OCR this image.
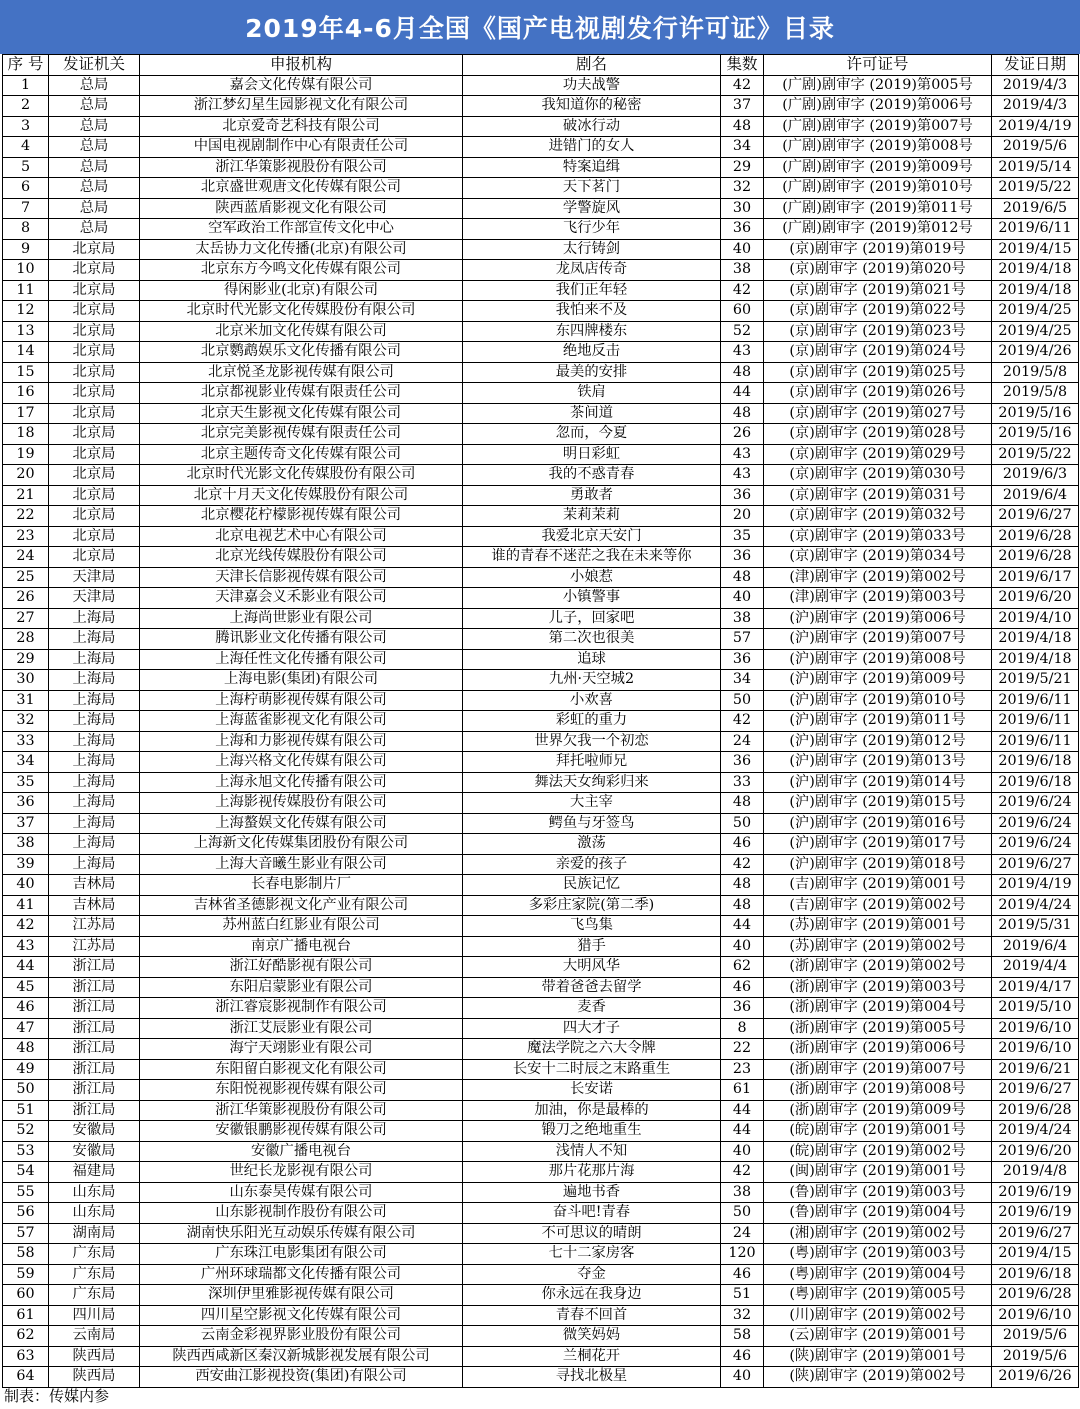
2019年4-6月全国《国产电视剧发行许可证》目录
序 号	发证机关	申报机构	剧名	集数	许可证号	发证日期
1	总局	嘉会文化传媒有限公司	功夫战警	42	(广剧)剧审字 (2019)第005号	2019/4/3
2	总局	浙江梦幻星生园影视文化有限公司	我知道你的秘密	37	(广剧)剧审字 (2019)第006号	2019/4/3
3	总局	北京爱奇艺科技有限公司	破冰行动	48	(广剧)剧审字 (2019)第007号	2019/4/19
4	总局	中国电视剧制作中心有限责任公司	进错门的女人	34	(广剧)剧审字 (2019)第008号	2019/5/6
5	总局	浙江华策影视股份有限公司	特案追缉	29	(广剧)剧审字 (2019)第009号	2019/5/14
6	总局	北京盛世观唐文化传媒有限公司	天下茗门	32	(广剧)剧审字 (2019)第010号	2019/5/22
7	总局	陕西蓝盾影视文化有限公司	学警旋风	30	(广剧)剧审字 (2019)第011号	2019/6/5
8	总局	空军政治工作部宣传文化中心	飞行少年	36	(广剧)剧审字 (2019)第012号	2019/6/11
9	北京局	太岳协力文化传播(北京)有限公司	太行铸剑	40	(京)剧审字 (2019)第019号	2019/4/15
10	北京局	北京东方今鸣文化传媒有限公司	龙凤店传奇	38	(京)剧审字 (2019)第020号	2019/4/18
11	北京局	得闲影业(北京)有限公司	我们正年轻	42	(京)剧审字 (2019)第021号	2019/4/18
12	北京局	北京时代光影文化传媒股份有限公司	我怕来不及	60	(京)剧审字 (2019)第022号	2019/4/25
13	北京局	北京米加文化传媒有限公司	东四牌楼东	52	(京)剧审字 (2019)第023号	2019/4/25
14	北京局	北京鹦鹉娱乐文化传播有限公司	绝地反击	43	(京)剧审字 (2019)第024号	2019/4/26
15	北京局	北京悦圣龙影视传媒有限公司	最美的安排	48	(京)剧审字 (2019)第025号	2019/5/8
16	北京局	北京都视影业传媒有限责任公司	铁肩	44	(京)剧审字 (2019)第026号	2019/5/8
17	北京局	北京天生影视文化传媒有限公司	茶间道	48	(京)剧审字 (2019)第027号	2019/5/16
18	北京局	北京完美影视传媒有限责任公司	忽而，今夏	26	(京)剧审字 (2019)第028号	2019/5/16
19	北京局	北京主题传奇文化传媒有限公司	明日彩虹	43	(京)剧审字 (2019)第029号	2019/5/22
20	北京局	北京时代光影文化传媒股份有限公司	我的不惑青春	43	(京)剧审字 (2019)第030号	2019/6/3
21	北京局	北京十月天文化传媒股份有限公司	勇敢者	36	(京)剧审字 (2019)第031号	2019/6/4
22	北京局	北京樱花柠檬影视传媒有限公司	茉莉茉莉	20	(京)剧审字 (2019)第032号	2019/6/27
23	北京局	北京电视艺术中心有限公司	我爱北京天安门	35	(京)剧审字 (2019)第033号	2019/6/28
24	北京局	北京光线传媒股份有限公司	谁的青春不迷茫之我在未来等你	36	(京)剧审字 (2019)第034号	2019/6/28
25	天津局	天津长信影视传媒有限公司	小娘惹	48	(津)剧审字 (2019)第002号	2019/6/17
26	天津局	天津嘉会义禾影业有限公司	小镇警事	40	(津)剧审字 (2019)第003号	2019/6/20
27	上海局	上海尚世影业有限公司	儿子，回家吧	38	(沪)剧审字 (2019)第006号	2019/4/10
28	上海局	腾讯影业文化传播有限公司	第二次也很美	57	(沪)剧审字 (2019)第007号	2019/4/18
29	上海局	上海任性文化传播有限公司	追球	36	(沪)剧审字 (2019)第008号	2019/4/18
30	上海局	上海电影(集团)有限公司	九州·天空城2	34	(沪)剧审字 (2019)第009号	2019/5/21
31	上海局	上海柠萌影视传媒有限公司	小欢喜	50	(沪)剧审字 (2019)第010号	2019/6/11
32	上海局	上海蓝雀影视文化有限公司	彩虹的重力	42	(沪)剧审字 (2019)第011号	2019/6/11
33	上海局	上海和力影视传媒有限公司	世界欠我一个初恋	24	(沪)剧审字 (2019)第012号	2019/6/11
34	上海局	上海兴格文化传媒有限公司	拜托啦师兄	36	(沪)剧审字 (2019)第013号	2019/6/18
35	上海局	上海永旭文化传播有限公司	舞法天女绚彩归来	33	(沪)剧审字 (2019)第014号	2019/6/18
36	上海局	上海影视传媒股份有限公司	大主宰	48	(沪)剧审字 (2019)第015号	2019/6/24
37	上海局	上海螯娱文化传媒有限公司	鳄鱼与牙签鸟	50	(沪)剧审字 (2019)第016号	2019/6/24
38	上海局	上海新文化传媒集团股份有限公司	激荡	46	(沪)剧审字 (2019)第017号	2019/6/24
39	上海局	上海大音曦生影业有限公司	亲爱的孩子	42	(沪)剧审字 (2019)第018号	2019/6/27
40	吉林局	长春电影制片厂	民族记忆	48	(吉)剧审字 (2019)第001号	2019/4/19
41	吉林局	吉林省圣德影视文化产业有限公司	多彩庄家院(第二季)	48	(吉)剧审字 (2019)第002号	2019/4/24
42	江苏局	苏州蓝白红影业有限公司	飞鸟集	44	(苏)剧审字 (2019)第001号	2019/5/31
43	江苏局	南京广播电视台	猎手	40	(苏)剧审字 (2019)第002号	2019/6/4
44	浙江局	浙江好酷影视有限公司	大明风华	62	(浙)剧审字 (2019)第002号	2019/4/4
45	浙江局	东阳启蒙影业有限公司	带着爸爸去留学	46	(浙)剧审字 (2019)第003号	2019/4/17
46	浙江局	浙江睿宸影视制作有限公司	麦香	36	(浙)剧审字 (2019)第004号	2019/5/10
47	浙江局	浙江艾辰影业有限公司	四大才子	8	(浙)剧审字 (2019)第005号	2019/6/10
48	浙江局	海宁天翊影业有限公司	魔法学院之六大令牌	22	(浙)剧审字 (2019)第006号	2019/6/10
49	浙江局	东阳留白影视文化有限公司	长安十二时辰之末路重生	23	(浙)剧审字 (2019)第007号	2019/6/21
50	浙江局	东阳悦视影视传媒有限公司	长安诺	61	(浙)剧审字 (2019)第008号	2019/6/27
51	浙江局	浙江华策影视股份有限公司	加油，你是最棒的	44	(浙)剧审字 (2019)第009号	2019/6/28
52	安徽局	安徽银鹏影视传媒有限公司	锻刀之绝地重生	44	(皖)剧审字 (2019)第001号	2019/4/24
53	安徽局	安徽广播电视台	浅情人不知	40	(皖)剧审字 (2019)第002号	2019/6/20
54	福建局	世纪长龙影视有限公司	那片花那片海	42	(闽)剧审字 (2019)第001号	2019/4/8
55	山东局	山东泰昊传媒有限公司	遍地书香	38	(鲁)剧审字 (2019)第003号	2019/6/19
56	山东局	山东影视制作股份有限公司	奋斗吧!青春	50	(鲁)剧审字 (2019)第004号	2019/6/19
57	湖南局	湖南快乐阳光互动娱乐传媒有限公司	不可思议的晴朗	24	(湘)剧审字 (2019)第002号	2019/6/27
58	广东局	广东珠江电影集团有限公司	七十二家房客	120	(粤)剧审字 (2019)第003号	2019/4/15
59	广东局	广州环球瑞都文化传播有限公司	夺金	46	(粤)剧审字 (2019)第004号	2019/6/18
60	广东局	深圳伊里雅影视传媒有限公司	你永远在我身边	51	(粤)剧审字 (2019)第005号	2019/6/28
61	四川局	四川星空影视文化传媒有限公司	青春不回首	32	(川)剧审字 (2019)第002号	2019/6/10
62	云南局	云南金彩视界影业股份有限公司	微笑妈妈	58	(云)剧审字 (2019)第001号	2019/5/6
63	陕西局	陕西西咸新区秦汉新城影视发展有限公司	兰桐花开	46	(陕)剧审字 (2019)第001号	2019/5/6
64	陕西局	西安曲江影视投资(集团)有限公司	寻找北极星	40	(陕)剧审字 (2019)第002号	2019/6/26
制表：传媒内参
